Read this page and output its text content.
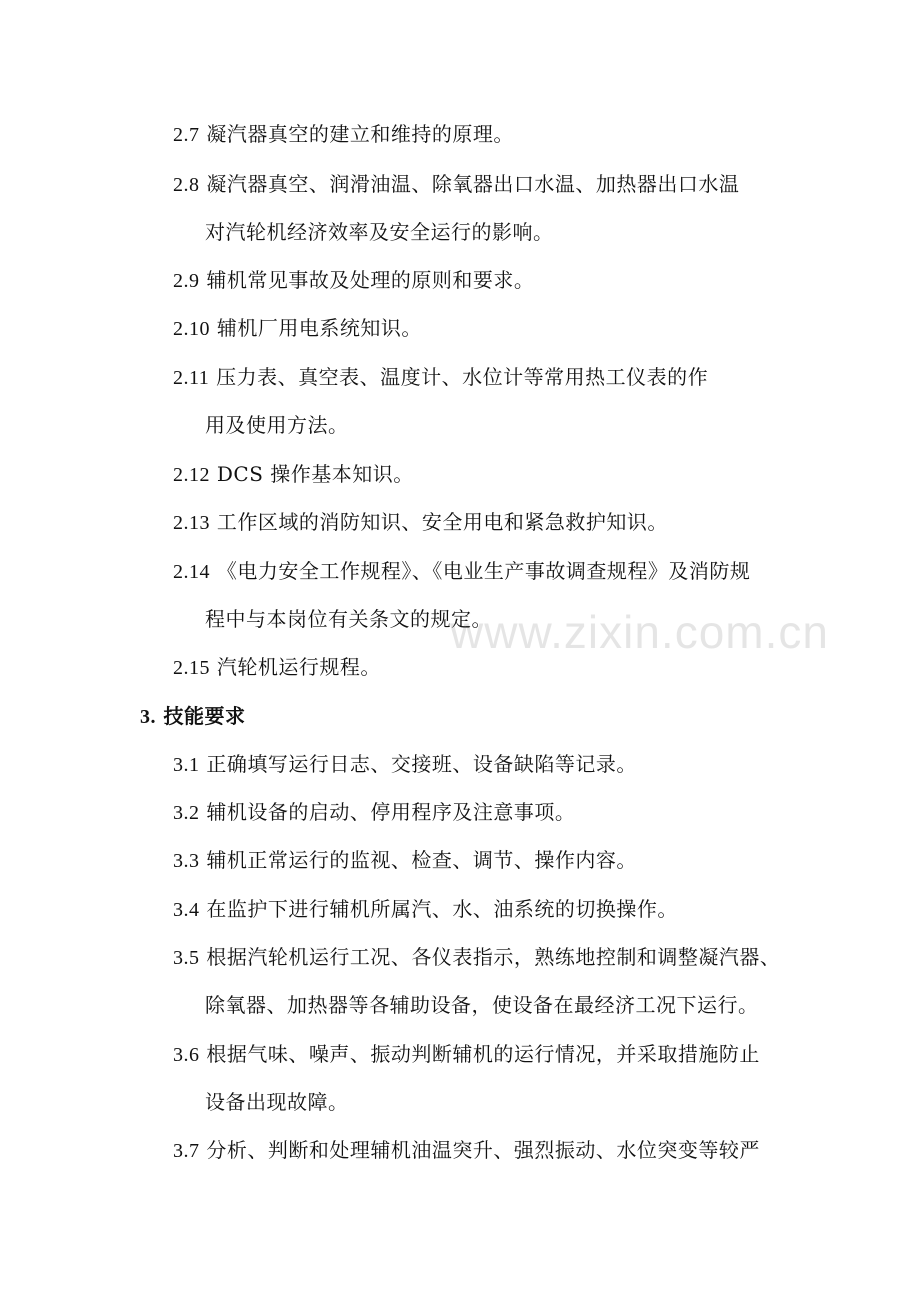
2.7 凝汽器真空的建立和维持的原理。
2.8 凝汽器真空、润滑油温、除氧器出口水温、加热器出口水温
对汽轮机经济效率及安全运行的影响。
2.9 辅机常见事故及处理的原则和要求。
2.10 辅机厂用电系统知识。
2.11 压力表、真空表、温度计、水位计等常用热工仪表的作
用及使用方法。
2.12 DCS 操作基本知识。
2.13 工作区域的消防知识、安全用电和紧急救护知识。
2.14 《电力安全工作规程》、《电业生产事故调查规程》及消防规
程中与本岗位有关条文的规定。
2.15 汽轮机运行规程。
3. 技能要求
3.1 正确填写运行日志、交接班、设备缺陷等记录。
3.2 辅机设备的启动、停用程序及注意事项。
3.3 辅机正常运行的监视、检查、调节、操作内容。
3.4 在监护下进行辅机所属汽、水、油系统的切换操作。
3.5 根据汽轮机运行工况、各仪表指示，熟练地控制和调整凝汽器、
除氧器、加热器等各辅助设备，使设备在最经济工况下运行。
3.6 根据气味、噪声、振动判断辅机的运行情况，并采取措施防止
设备出现故障。
3.7 分析、判断和处理辅机油温突升、强烈振动、水位突变等较严
www.zixin.com.cn
